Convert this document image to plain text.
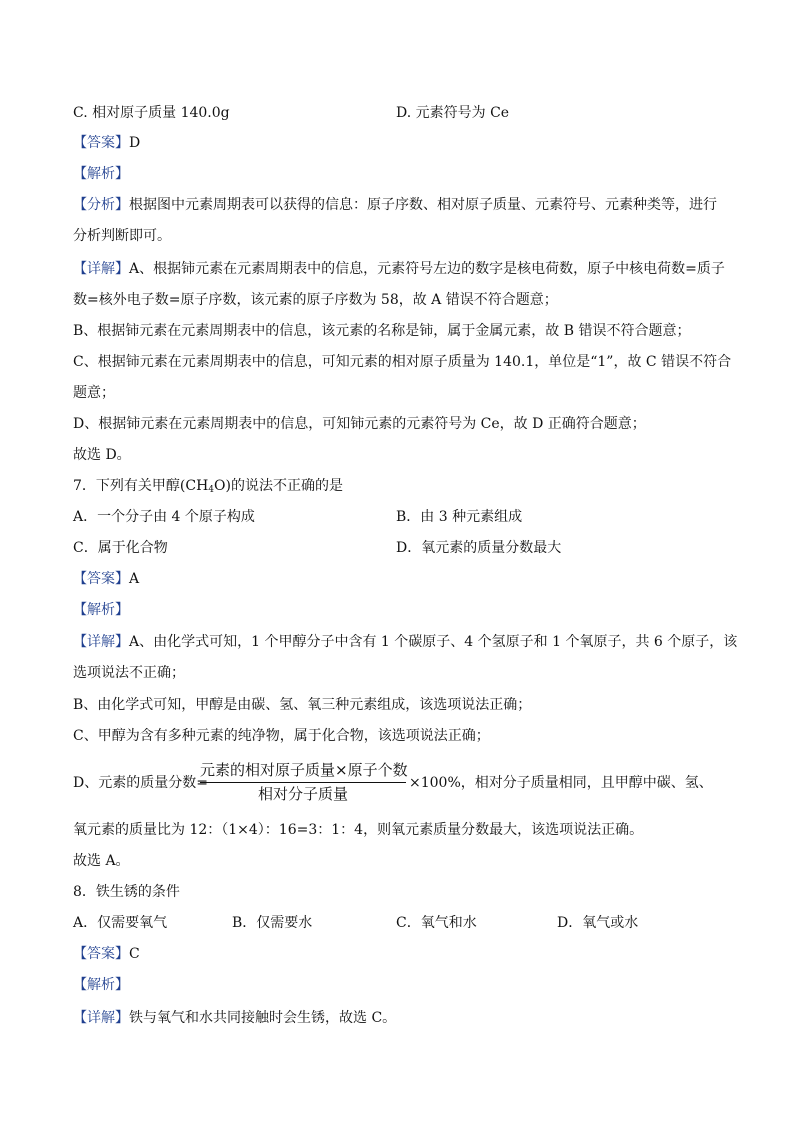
C. 相对原子质量 140.0g	D. 元素符号为 Ce
【答案】D
【解析】
【分析】根据图中元素周期表可以获得的信息：原子序数、相对原子质量、元素符号、元素种类等，进行
分析判断即可。
【详解】A、根据铈元素在元素周期表中的信息，元素符号左边的数字是核电荷数，原子中核电荷数=质子
数=核外电子数=原子序数，该元素的原子序数为 58，故 A 错误不符合题意；
B、根据铈元素在元素周期表中的信息，该元素的名称是铈，属于金属元素，故 B 错误不符合题意；
C、根据铈元素在元素周期表中的信息，可知元素的相对原子质量为 140.1，单位是“1”，故 C 错误不符合
题意；
D、根据铈元素在元素周期表中的信息，可知铈元素的元素符号为 Ce，故 D 正确符合题意；
故选 D。
7．下列有关甲醇$(CH_4O)$的说法不正确的是
A．一个分子由 4 个原子构成	B．由 3 种元素组成
C．属于化合物	D．氧元素的质量分数最大
【答案】A
【解析】
【详解】A、由化学式可知，1 个甲醇分子中含有 1 个碳原子、4 个氢原子和 1 个氧原子，共 6 个原子，该
选项说法不正确；
B、由化学式可知，甲醇是由碳、氢、氧三种元素组成，该选项说法正确；
C、甲醇为含有多种元素的纯净物，属于化合物，该选项说法正确；
D、元素的质量分数=
元素的相对原子质量×原子个数
相对分子质量
×100%，相对分子质量相同，且甲醇中碳、氢、
氧元素的质量比为 12：（1×4）：16=3：1：4，则氧元素质量分数最大，该选项说法正确。
故选 A。
8．铁生锈的条件
A．仅需要氧气	B．仅需要水	C．氧气和水	D．氧气或水
【答案】C
【解析】
【详解】铁与氧气和水共同接触时会生锈，故选 C。
